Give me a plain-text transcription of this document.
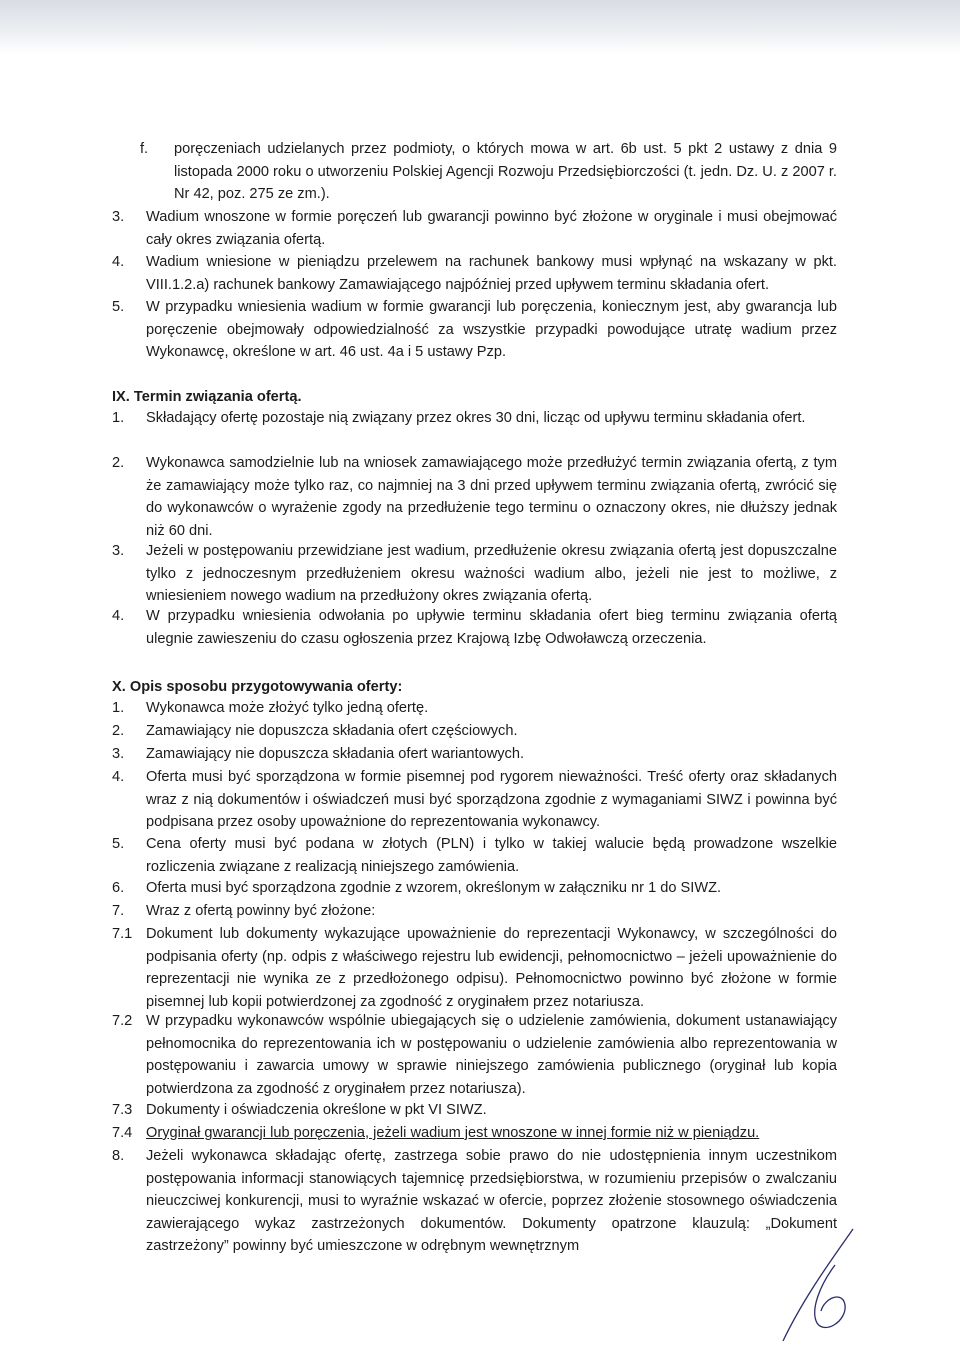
f.	poręczeniach udzielanych przez podmioty, o których mowa w art. 6b ust. 5 pkt 2 ustawy z dnia 9 listopada 2000 roku o utworzeniu Polskiej Agencji Rozwoju Przedsiębiorczości (t. jedn. Dz. U. z 2007 r. Nr 42, poz. 275 ze zm.).
3.	Wadium wnoszone w formie poręczeń lub gwarancji powinno być złożone w oryginale i musi obejmować cały okres związania ofertą.
4.	Wadium wniesione w pieniądzu przelewem na rachunek bankowy musi wpłynąć na wskazany w pkt. VIII.1.2.a) rachunek bankowy Zamawiającego najpóźniej przed upływem terminu składania ofert.
5.	W przypadku wniesienia wadium w formie gwarancji lub poręczenia, koniecznym jest, aby gwarancja lub poręczenie obejmowały odpowiedzialność za wszystkie przypadki powodujące utratę wadium przez Wykonawcę, określone w art. 46 ust. 4a i 5 ustawy Pzp.
IX. Termin związania ofertą.
1.	Składający ofertę pozostaje nią związany przez okres 30 dni, licząc od upływu terminu składania ofert.
2.	Wykonawca samodzielnie lub na wniosek zamawiającego może przedłużyć termin związania ofertą, z tym że zamawiający może tylko raz, co najmniej na 3 dni przed upływem terminu związania ofertą, zwrócić się do wykonawców o wyrażenie zgody na przedłużenie tego terminu o oznaczony okres, nie dłuższy jednak niż 60 dni.
3.	Jeżeli w postępowaniu przewidziane jest wadium, przedłużenie okresu związania ofertą jest dopuszczalne tylko z jednoczesnym przedłużeniem okresu ważności wadium albo, jeżeli nie jest to możliwe, z wniesieniem nowego wadium na przedłużony okres związania ofertą.
4.	W przypadku wniesienia odwołania po upływie terminu składania ofert bieg terminu związania ofertą ulegnie zawieszeniu do czasu ogłoszenia przez Krajową Izbę Odwoławczą orzeczenia.
X. Opis sposobu przygotowywania oferty:
1.	Wykonawca może złożyć tylko jedną ofertę.
2.	Zamawiający nie dopuszcza składania ofert częściowych.
3.	Zamawiający nie dopuszcza składania ofert wariantowych.
4.	Oferta musi być sporządzona w formie pisemnej pod rygorem nieważności. Treść oferty oraz składanych wraz z nią dokumentów i oświadczeń musi być sporządzona zgodnie z wymaganiami SIWZ i powinna być podpisana przez osoby upoważnione do reprezentowania wykonawcy.
5.	Cena oferty musi być podana w złotych (PLN) i tylko w takiej walucie będą prowadzone wszelkie rozliczenia związane z realizacją niniejszego zamówienia.
6.	Oferta musi być sporządzona zgodnie z wzorem, określonym w załączniku nr 1 do SIWZ.
7.	Wraz z ofertą powinny być złożone:
7.1 Dokument lub dokumenty wykazujące upoważnienie do reprezentacji Wykonawcy, w szczególności do podpisania oferty (np. odpis z właściwego rejestru lub ewidencji, pełnomocnictwo – jeżeli upoważnienie do reprezentacji nie wynika ze z przedłożonego odpisu). Pełnomocnictwo powinno być złożone w formie pisemnej lub kopii potwierdzonej za zgodność z oryginałem przez notariusza.
7.2 W przypadku wykonawców wspólnie ubiegających się o udzielenie zamówienia, dokument ustanawiający pełnomocnika do reprezentowania ich w postępowaniu o udzielenie zamówienia albo reprezentowania w postępowaniu i zawarcia umowy w sprawie niniejszego zamówienia publicznego (oryginał lub kopia potwierdzona za zgodność z oryginałem przez notariusza).
7.3 Dokumenty i oświadczenia określone w pkt VI SIWZ.
7.4 Oryginał gwarancji lub poręczenia, jeżeli wadium jest wnoszone w innej formie niż w pieniądzu.
8.	Jeżeli wykonawca składając ofertę, zastrzega sobie prawo do nie udostępnienia innym uczestnikom postępowania informacji stanowiących tajemnicę przedsiębiorstwa, w rozumieniu przepisów o zwalczaniu nieuczciwej konkurencji, musi to wyraźnie wskazać w ofercie, poprzez złożenie stosownego oświadczenia zawierającego wykaz zastrzeżonych dokumentów. Dokumenty opatrzone klauzulą: „Dokument zastrzeżony” powinny być umieszczone w odrębnym wewnętrznym
